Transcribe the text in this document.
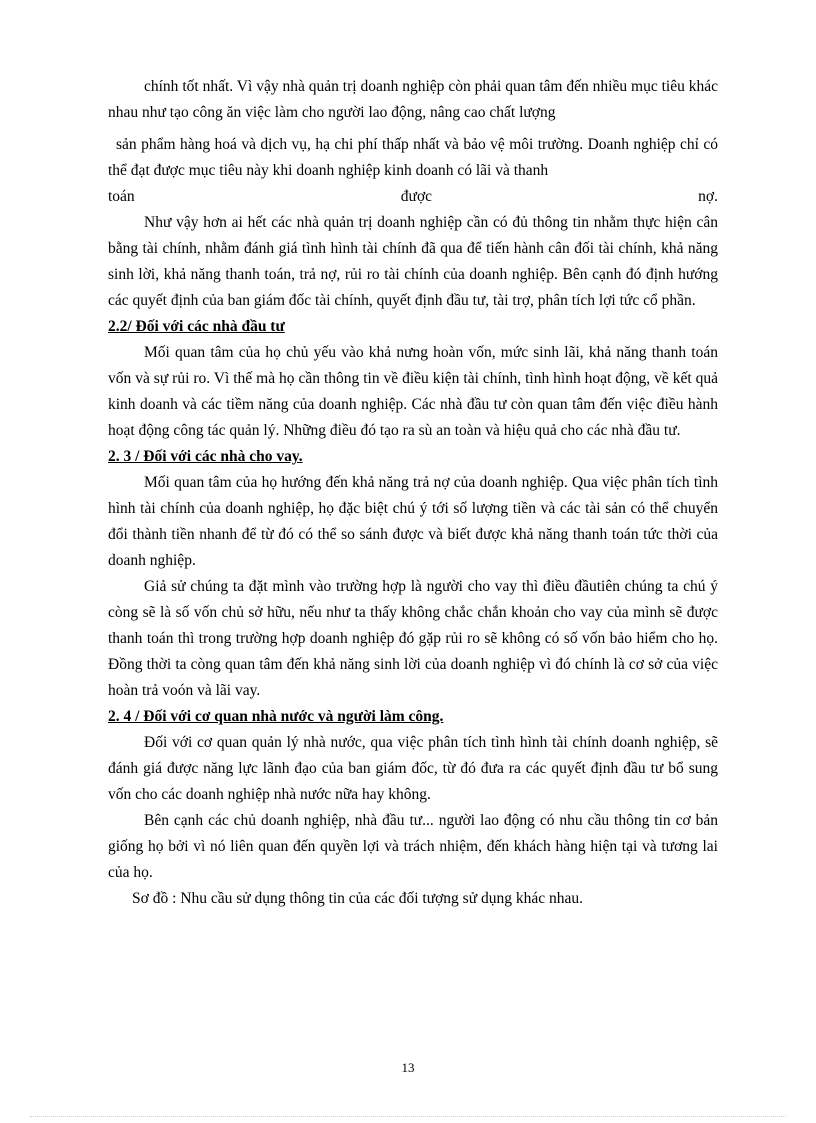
chính tốt nhất. Vì vậy nhà quản trị doanh nghiệp còn phải quan tâm đến nhiều mục tiêu khác nhau như tạo công ăn việc làm cho người lao động, nâng cao chất lượng

sản phẩm hàng hoá và dịch vụ, hạ chi phí thấp nhất và bảo vệ môi trường. Doanh nghiệp chỉ có thể đạt được mục tiêu này khi doanh nghiệp kinh doanh có lãi và thanh

toán được nợ.

Như vậy hơn ai hết các nhà quản trị doanh nghiệp cần có đủ thông tin nhằm thực hiện cân bằng tài chính, nhằm đánh giá tình hình tài chính đã qua để tiến hành cân đối tài chính, khả năng sinh lời, khả năng thanh toán, trả nợ, rủi ro tài chính của doanh nghiệp. Bên cạnh đó định hướng các quyết định của ban giám đốc tài chính, quyết định đầu tư, tài trợ, phân tích lợi tức cổ phần.

2.2/ Đối với các nhà đầu tư

Mối quan tâm của họ chủ yếu vào khả nưng hoàn vốn, mức sinh lãi, khả năng thanh toán vốn và sự rủi ro. Vì thế mà họ cần thông tin về điều kiện tài chính, tình hình hoạt động, về kết quả kinh doanh và các tiềm năng của doanh nghiệp. Các nhà đầu tư còn quan tâm đến việc điều hành hoạt động công tác quản lý. Những điều đó tạo ra sù an toàn và hiệu quả cho các nhà đầu tư.

2. 3 / Đối với các nhà cho vay.

Mối quan tâm của họ hướng đến khả năng trả nợ của doanh nghiệp. Qua việc phân tích tình hình tài chính của doanh nghiệp, họ đặc biệt chú ý tới số lượng tiền và các tài sản có thể chuyển đổi thành tiền nhanh để từ đó có thể so sánh được và biết được khả năng thanh toán tức thời của doanh nghiệp.

Giả sử chúng ta đặt mình vào trường hợp là người cho vay thì điều đầutiên chúng ta chú ý còng sẽ là số vốn chủ sở hữu, nếu như ta thấy không chắc chắn khoản cho vay của mình sẽ được thanh toán thì trong trường hợp doanh nghiệp đó gặp rủi ro sẽ không có số vốn bảo hiểm cho họ. Đồng thời ta còng quan tâm đến khả năng sinh lời của doanh nghiệp vì đó chính là cơ sở của việc hoàn trả voón và lãi vay.

2. 4 / Đối với cơ quan nhà nước và người làm công.

Đối với cơ quan quản lý nhà nước, qua việc phân tích tình hình tài chính doanh nghiệp, sẽ đánh giá được năng lực lãnh đạo của ban giám đốc, từ đó đưa ra các quyết định đầu tư bổ sung vốn cho các doanh nghiệp nhà nước nữa hay không.

Bên cạnh các chủ doanh nghiệp, nhà đầu tư... người lao động có nhu cầu thông tin cơ bản giống họ bởi vì nó liên quan đến quyền lợi và trách nhiệm, đến khách hàng hiện tại và tương lai của họ.

Sơ đồ : Nhu cầu sử dụng thông tin của các đối tượng sử dụng khác nhau.

13
